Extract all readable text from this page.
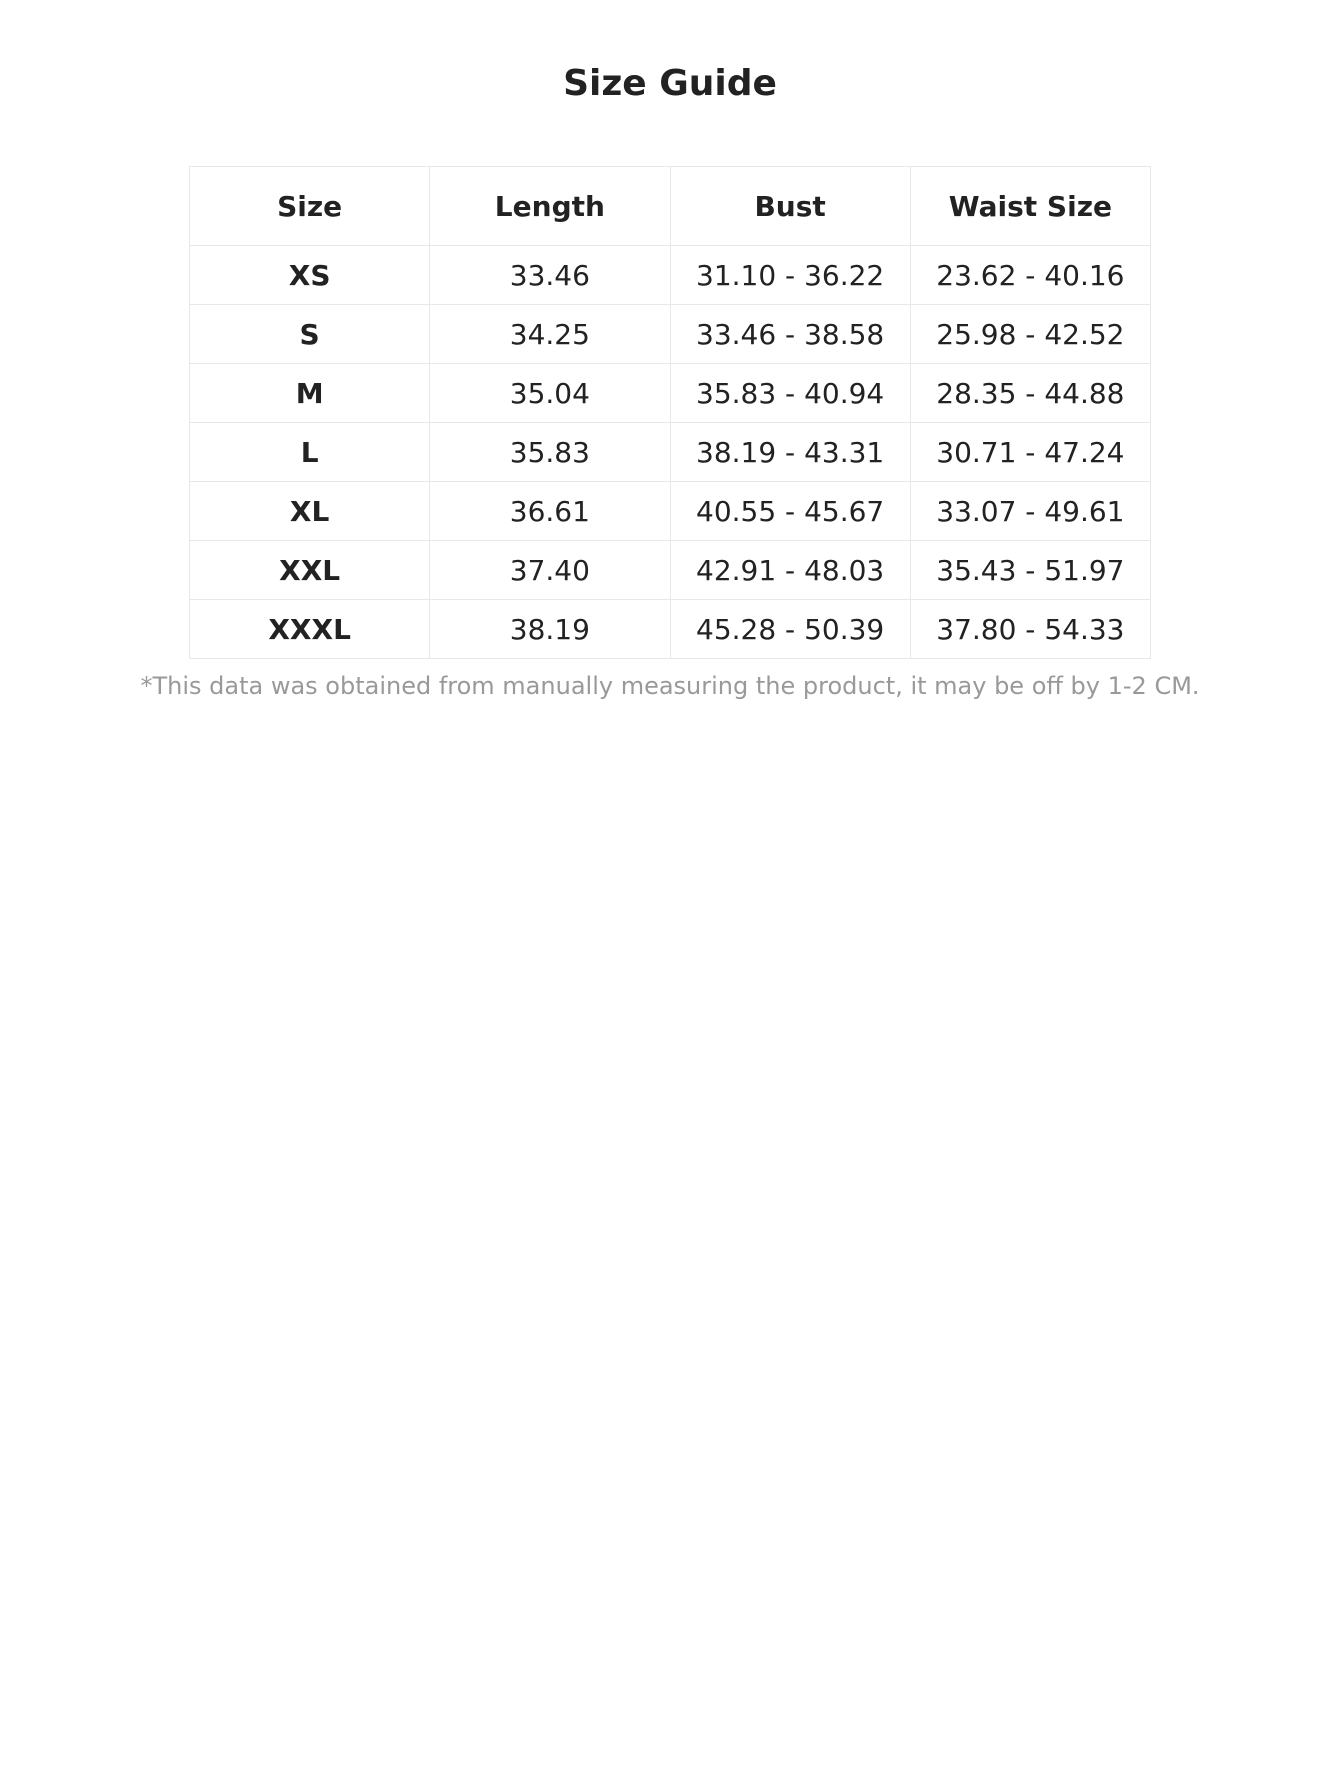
Size Guide
Size	Length	Bust	Waist Size
XS	33.46	31.10 - 36.22	23.62 - 40.16
S	34.25	33.46 - 38.58	25.98 - 42.52
M	35.04	35.83 - 40.94	28.35 - 44.88
L	35.83	38.19 - 43.31	30.71 - 47.24
XL	36.61	40.55 - 45.67	33.07 - 49.61
XXL	37.40	42.91 - 48.03	35.43 - 51.97
XXXL	38.19	45.28 - 50.39	37.80 - 54.33

*This data was obtained from manually measuring the product, it may be off by 1-2 CM.
